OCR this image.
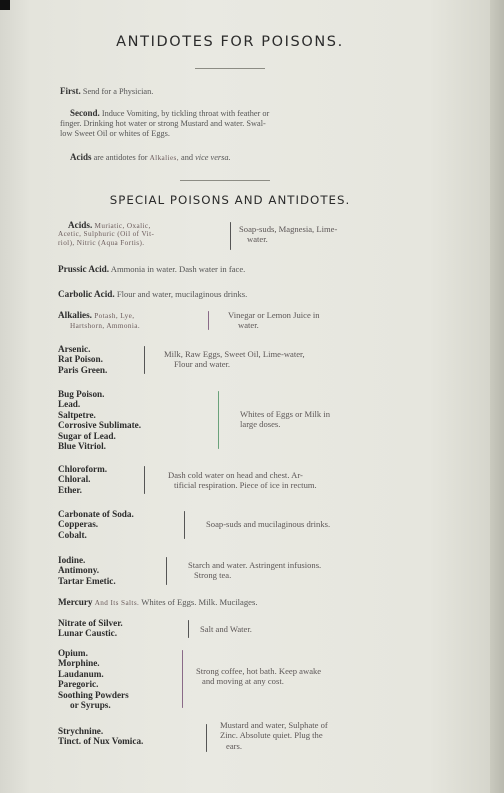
ANTIDOTES FOR POISONS.
First. Send for a Physician.
Second. Induce Vomiting, by tickling throat with feather or
finger. Drinking hot water or strong Mustard and water. Swal-
low Sweet Oil or whites of Eggs.
Acids are antidotes for Alkalies, and vice versa.
SPECIAL POISONS AND ANTIDOTES.
Acids. Muriatic, Oxalic,
Acetic, Sulphuric (Oil of Vit-
riol), Nitric (Aqua Fortis).
Soap-suds, Magnesia, Lime-
water.
Prussic Acid. Ammonia in water. Dash water in face.
Carbolic Acid. Flour and water, mucilaginous drinks.
Alkalies. Potash, Lye,
Hartshorn, Ammonia.
Vinegar or Lemon Juice in
water.
Arsenic.
Rat Poison.
Paris Green.
Milk, Raw Eggs, Sweet Oil, Lime-water,
Flour and water.
Bug Poison.
Lead.
Saltpetre.
Corrosive Sublimate.
Sugar of Lead.
Blue Vitriol.
Whites of Eggs or Milk in
large doses.
Chloroform.
Chloral.
Ether.
Dash cold water on head and chest. Ar-
tificial respiration. Piece of ice in rectum.
Carbonate of Soda.
Copperas.
Cobalt.
Soap-suds and mucilaginous drinks.
Iodine.
Antimony.
Tartar Emetic.
Starch and water. Astringent infusions.
Strong tea.
Mercury And Its Salts. Whites of Eggs. Milk. Mucilages.
Nitrate of Silver.
Lunar Caustic.	Salt and Water.
Opium.
Morphine.
Laudanum.
Paregoric.
Soothing Powders
or Syrups.
Strong coffee, hot bath. Keep awake
and moving at any cost.
Strychnine.
Tinct. of Nux Vomica.
Mustard and water, Sulphate of
Zinc. Absolute quiet. Plug the
ears.
